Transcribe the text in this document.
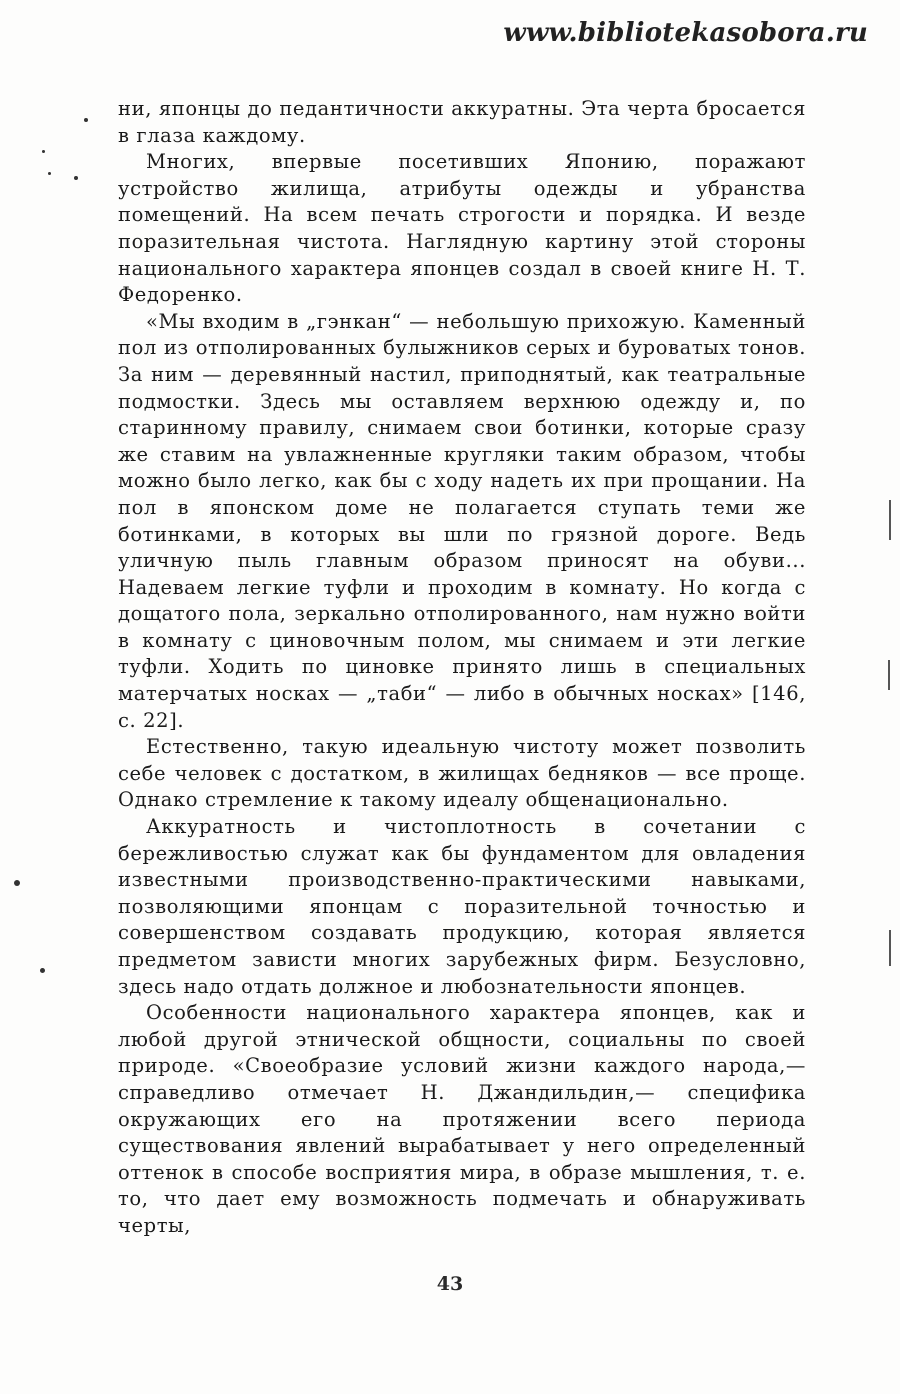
www.bibliotekasobora.ru

ни, японцы до педантичности аккуратны. Эта черта бросается в глаза каждому.

Многих, впервые посетивших Японию, поражают устройство жилища, атрибуты одежды и убранства помещений. На всем печать строгости и порядка. И везде поразительная чистота. Наглядную картину этой стороны национального характера японцев создал в своей книге Н. Т. Федоренко.

«Мы входим в „гэнкан“ — небольшую прихожую. Каменный пол из отполированных булыжников серых и буроватых тонов. За ним — деревянный настил, приподнятый, как театральные подмостки. Здесь мы оставляем верхнюю одежду и, по старинному правилу, снимаем свои ботинки, которые сразу же ставим на увлажненные кругляки таким образом, чтобы можно было легко, как бы с ходу надеть их при прощании. На пол в японском доме не полагается ступать теми же ботинками, в которых вы шли по грязной дороге. Ведь уличную пыль главным образом приносят на обуви... Надеваем легкие туфли и проходим в комнату. Но когда с дощатого пола, зеркально отполированного, нам нужно войти в комнату с циновочным полом, мы снимаем и эти легкие туфли. Ходить по циновке принято лишь в специальных матерчатых носках — „таби“ — либо в обычных носках» [146, с. 22].

Естественно, такую идеальную чистоту может позволить себе человек с достатком, в жилищах бедняков — все проще. Однако стремление к такому идеалу общенационально.

Аккуратность и чистоплотность в сочетании с бережливостью служат как бы фундаментом для овладения известными производственно-практическими навыками, позволяющими японцам с поразительной точностью и совершенством создавать продукцию, которая является предметом зависти многих зарубежных фирм. Безусловно, здесь надо отдать должное и любознательности японцев.

Особенности национального характера японцев, как и любой другой этнической общности, социальны по своей природе. «Своеобразие условий жизни каждого народа,— справедливо отмечает Н. Джандильдин,— специфика окружающих его на протяжении всего периода существования явлений вырабатывает у него определенный оттенок в способе восприятия мира, в образе мышления, т. е. то, что дает ему возможность подмечать и обнаруживать черты,

43
